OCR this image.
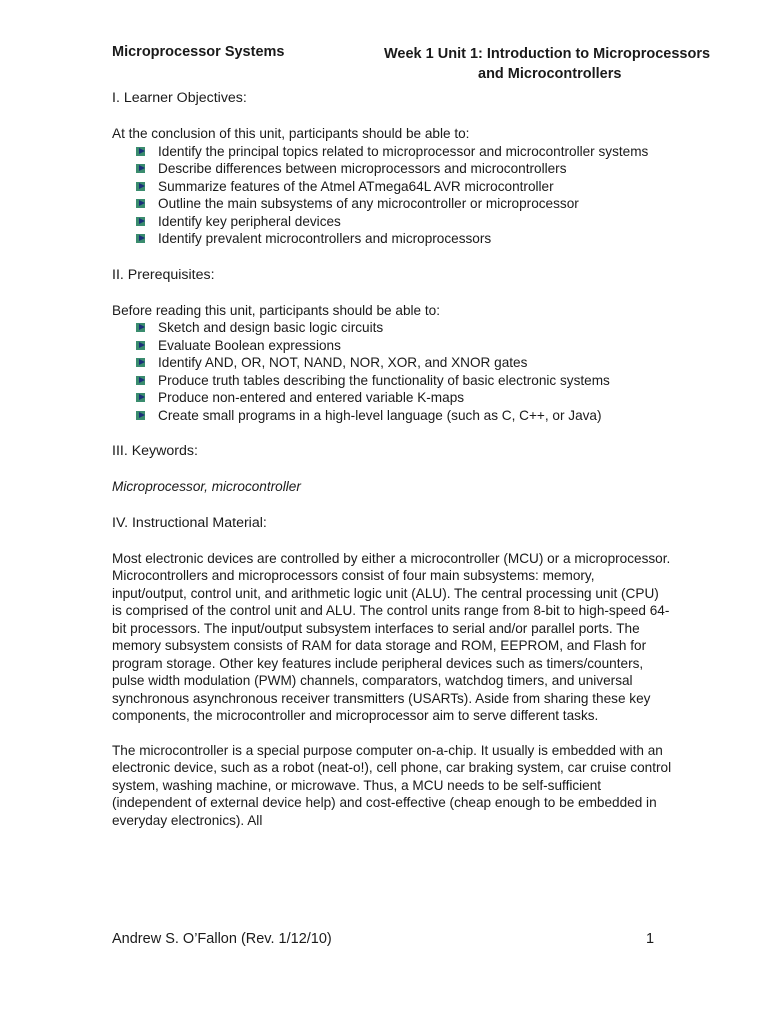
Microprocessor Systems	Week 1 Unit 1: Introduction to Microprocessors
and Microcontrollers

I. Learner Objectives:

At the conclusion of this unit, participants should be able to:

Identify the principal topics related to microprocessor and microcontroller systems
Describe differences between microprocessors and microcontrollers
Summarize features of the Atmel ATmega64L AVR microcontroller
Outline the main subsystems of any microcontroller or microprocessor
Identify key peripheral devices
Identify prevalent microcontrollers and microprocessors

II. Prerequisites:

Before reading this unit, participants should be able to:

Sketch and design basic logic circuits
Evaluate Boolean expressions
Identify AND, OR, NOT, NAND, NOR, XOR, and XNOR gates
Produce truth tables describing the functionality of basic electronic systems
Produce non-entered and entered variable K-maps
Create small programs in a high-level language (such as C, C++, or Java)

III. Keywords:

Microprocessor, microcontroller

IV. Instructional Material:

Most electronic devices are controlled by either a microcontroller (MCU) or a microprocessor. Microcontrollers and microprocessors consist of four main subsystems: memory, input/output, control unit, and arithmetic logic unit (ALU). The central processing unit (CPU) is comprised of the control unit and ALU. The control units range from 8-bit to high-speed 64-bit processors. The input/output subsystem interfaces to serial and/or parallel ports. The memory subsystem consists of RAM for data storage and ROM, EEPROM, and Flash for program storage. Other key features include peripheral devices such as timers/counters, pulse width modulation (PWM) channels, comparators, watchdog timers, and universal synchronous asynchronous receiver transmitters (USARTs). Aside from sharing these key components, the microcontroller and microprocessor aim to serve different tasks.

The microcontroller is a special purpose computer on-a-chip. It usually is embedded with an electronic device, such as a robot (neat-o!), cell phone, car braking system, car cruise control system, washing machine, or microwave. Thus, a MCU needs to be self-sufficient (independent of external device help) and cost-effective (cheap enough to be embedded in everyday electronics). All

Andrew S. O’Fallon (Rev. 1/12/10)	1
